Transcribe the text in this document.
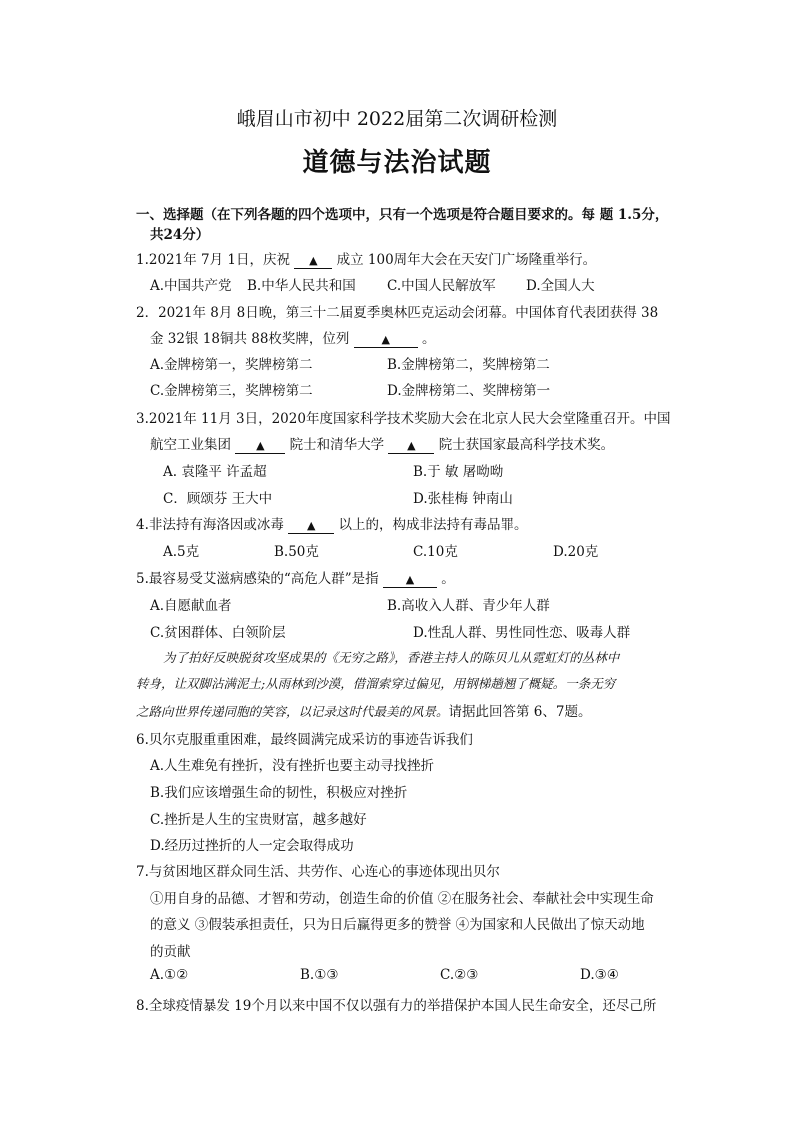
峨眉山市初中 2022届第二次调研检测
道德与法治试题
一、选择题（在下列各题的四个选项中，只有一个选项是符合题目要求的。每 题 1.5分，
共24分）
1.2021年 7月 1日，庆祝 ▲ 成立 100周年大会在天安门广场隆重举行。
A.中国共产党 B.中华人民共和国 C.中国人民解放军 D.全国人大
2．2021年 8月 8日晚，第三十二届夏季奥林匹克运动会闭幕。中国体育代表团获得 38
金 32银 18铜共 88枚奖牌，位列	▲ 。
A.金牌榜第一，奖牌榜第二	B.金牌榜第二，奖牌榜第二
C.金牌榜第三，奖牌榜第二	D.金牌榜第二、奖牌榜第一
3.2021年 11月 3日，2020年度国家科学技术奖励大会在北京人民大会堂隆重召开。中国
航空工业集团 ▲ 院士和清华大学 ▲ 院士获国家最高科学技术奖。
A. 袁隆平 许孟超	B.于 敏 屠呦呦
C．顾颂芬 王大中	D.张桂梅 钟南山
4.非法持有海洛因或冰毒 ▲ 以上的，构成非法持有毒品罪。
A.5克	B.50克	C.10克	D.20克
5.最容易受艾滋病感染的“高危人群”是指 ▲ 。
A.自愿献血者	B.高收入人群、青少年人群
C.贫困群体、白领阶层	D.性乱人群、男性同性恋、吸毒人群
为了拍好反映脱贫攻坚成果的《无穷之路》，香港主持人的陈贝儿从霓虹灯的丛林中
转身，让双脚沾满泥土;从雨林到沙漠，借溜索穿过偏见，用钢梯趟翘了概疑。一条无穷
之路向世界传递同胞的笑容，以记录这时代最美的风景。请据此回答第 6、7题。
6.贝尔克服重重困难，最终圆满完成采访的事迹告诉我们
A.人生难免有挫折，没有挫折也要主动寻找挫折
B.我们应该增强生命的韧性，积极应对挫折
C.挫折是人生的宝贵财富，越多越好
D.经历过挫折的人一定会取得成功
7.与贫困地区群众同生活、共劳作、心连心的事迹体现出贝尔
①用自身的品德、才智和劳动，创造生命的价值 ②在服务社会、奉献社会中实现生命
的意义 ③假装承担责任，只为日后赢得更多的赞誉 ④为国家和人民做出了惊天动地
的贡献
A.①②	B.①③	C.②③	D.③④
8.全球疫情暴发 19个月以来中国不仅以强有力的举措保护本国人民生命安全，还尽己所
